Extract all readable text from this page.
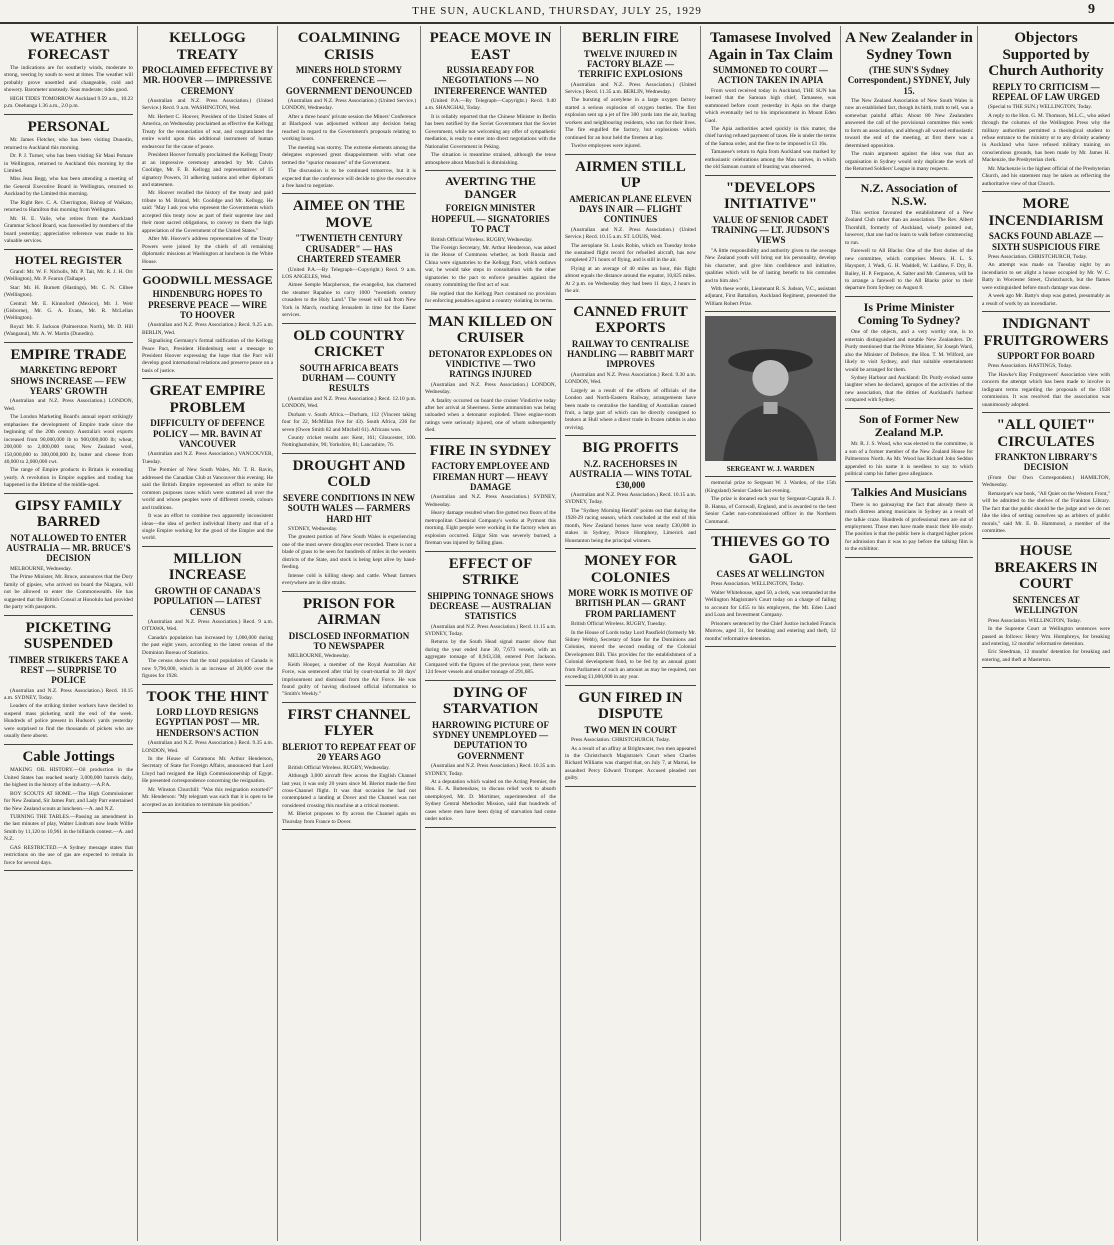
THE SUN, AUCKLAND, THURSDAY, JULY 25, 1929	9
WEATHER FORECAST

The indications are for southerly winds, moderate to strong, veering by south to west at times. The weather will probably prove unsettled and changeable, cold and showery. Barometer unsteady. Seas moderate; tides good.

HIGH TIDES TOMORROW Auckland 9.59 a.m., 10.23 p.m. Onehunga 1.36 a.m., 2.0 p.m.

PERSONAL

Mr. James Fletcher, who has been visiting Dunedin, returned to Auckland this morning.

Dr. P. J. Turner, who has been visiting Sir Maui Pomare in Wellington, returned to Auckland this morning by the Limited.

Miss Jean Begg, who has been attending a meeting of the General Executive Board in Wellington, returned to Auckland by the Limited this morning.

The Right Rev. C. A. Cherrington, Bishop of Waikato, returned to Hamilton this morning from Wellington.

Mr. H. E. Vaile, who retires from the Auckland Grammar School Board, was farewelled by members of the board yesterday; appreciative reference was made to his valuable services.

HOTEL REGISTER

Grand: Mr. W. F. Nicholls, Mr. P. Tait, Mr. R. J. H. Orr (Wellington), Mr. P. Fearon (Taihape).

Star: Mr. H. Burnett (Hastings), Mr. C. N. Clibee (Wellington).

Central: Mr. E. Kinnoford (Mexico), Mr. J. Weir (Gisborne), Mr. G. A. Evans, Mr. R. McLellan (Wellington).

Royal: Mr. F. Jackson (Palmerston North), Mr. D. Hill (Wanganui), Mr. A. W. Martin (Dunedin).

EMPIRE TRADE
MARKETING REPORT SHOWS INCREASE — FEW YEARS' GROWTH

(Australian and N.Z. Press Association.) LONDON, Wed.

The London Marketing Board's annual report strikingly emphasises the development of Empire trade since the beginning of the 20th century. Australia's wool exports increased from 90,000,000 lb to 900,000,000 lb; wheat, 200,000 to 2,000,000 tons; New Zealand wool, 150,000,000 to 300,000,000 lb; butter and cheese from 40,000 to 2,000,000 cwt.

The range of Empire products in Britain is extending yearly. A revolution in Empire supplies and trading has happened in the lifetime of the middle-aged.

GIPSY FAMILY BARRED
NOT ALLOWED TO ENTER AUSTRALIA — MR. BRUCE'S DECISION

MELBOURNE, Wednesday.

The Prime Minister, Mr. Bruce, announces that the Dory family of gipsies, who arrived on board the Niagara, will not be allowed to enter the Commonwealth. He has suggested that the British Consul at Honolulu had provided the party with passports.

PICKETING SUSPENDED
TIMBER STRIKERS TAKE A REST — SURPRISE TO POLICE

(Australian and N.Z. Press Association.) Recd. 10.15 a.m. SYDNEY, Today.

Leaders of the striking timber workers have decided to suspend mass picketing until the end of the week. Hundreds of police present in Hudson's yards yesterday were surprised to find the thousands of pickets who are usually there absent.

Cable Jottings

MAKING OIL HISTORY.—Oil production in the United States has reached nearly 3,000,000 barrels daily, the highest in the history of the industry.—A.P.A.

BOY SCOUTS AT HOME.—The High Commissioner for New Zealand, Sir James Parr, and Lady Parr entertained the New Zealand scouts at luncheon.—A. and N.Z.

TURNING THE TABLES.—Passing an amendment in the last minutes of play, Walter Lindrum now leads Willie Smith by 11,120 to 10,961 in the billiards contest.—A. and N.Z.

GAS RESTRICTED.—A Sydney message states that restrictions on the use of gas are expected to remain in force for several days.

KELLOGG TREATY
PROCLAIMED EFFECTIVE BY MR. HOOVER — IMPRESSIVE CEREMONY

(Australian and N.Z. Press Association.) (United Service.) Recd. 9 a.m. WASHINGTON, Wed.

Mr. Herbert C. Hoover, President of the United States of America, on Wednesday proclaimed as effective the Kellogg Treaty for the renunciation of war, and congratulated the entire world upon this additional instrument of human endeavour for the cause of peace.

President Hoover formally proclaimed the Kellogg Treaty at an impressive ceremony attended by Mr. Calvin Coolidge, Mr. F. B. Kellogg and representatives of 15 signatory Powers, 31 adhering nations and other diplomats and statesmen.

Mr. Hoover recalled the history of the treaty and paid tribute to M. Briand, Mr. Coolidge and Mr. Kellogg. He said: "May I ask you who represent the Governments which accepted this treaty now as part of their supreme law and their most sacred obligations, to convey to them the high appreciation of the Government of the United States."

After Mr. Hoover's address representatives of the Treaty Powers were joined by the chiefs of all remaining diplomatic missions at Washington at luncheon in the White House.

GOODWILL MESSAGE
HINDENBURG HOPES TO PRESERVE PEACE — WIRE TO HOOVER

(Australian and N.Z. Press Association.) Recd. 9.25 a.m. BERLIN, Wed.

Signalising Germany's formal ratification of the Kellogg Peace Pact, President Hindenburg sent a message to President Hoover expressing the hope that the Pact will develop good international relations and preserve peace on a basis of justice.

GREAT EMPIRE PROBLEM
DIFFICULTY OF DEFENCE POLICY — MR. BAVIN AT VANCOUVER

(Australian and N.Z. Press Association.) VANCOUVER, Tuesday.

The Premier of New South Wales, Mr. T. R. Bavin, addressed the Canadian Club at Vancouver this evening. He said the British Empire represented an effort to unite for common purposes races which were scattered all over the world and whose peoples were of different creeds, colours and traditions.

It was an effort to combine two apparently inconsistent ideas—the idea of perfect individual liberty and that of a single Empire working for the good of the Empire and the world.

MILLION INCREASE
GROWTH OF CANADA'S POPULATION — LATEST CENSUS

(Australian and N.Z. Press Association.) Recd. 9 a.m. OTTAWA, Wed.

Canada's population has increased by 1,000,000 during the past eight years, according to the latest census of the Dominion Bureau of Statistics.

The census shows that the total population of Canada is now 9,796,000, which is an increase of 28,000 over the figures for 1928.

TOOK THE HINT
LORD LLOYD RESIGNS EGYPTIAN POST — MR. HENDERSON'S ACTION

(Australian and N.Z. Press Association.) Recd. 9.35 a.m. LONDON, Wed.

In the House of Commons Mr. Arthur Henderson, Secretary of State for Foreign Affairs, announced that Lord Lloyd had resigned the High Commissionership of Egypt. He presented correspondence concerning the resignation.

Mr. Winston Churchill: "Was this resignation extorted?" Mr. Henderson: "My telegram was such that it is open to be accepted as an invitation to terminate his position."

COALMINING CRISIS
MINERS HOLD STORMY CONFERENCE — GOVERNMENT DENOUNCED

(Australian and N.Z. Press Association.) (United Service.) LONDON, Wednesday.

After a three hours' private session the Miners' Conference at Blackpool was adjourned without any decision being reached in regard to the Government's proposals relating to working hours.

The meeting was stormy. The extreme elements among the delegates expressed great disappointment with what one termed the "spurior measures" of the Government.

The discussion is to be continued tomorrow, but it is expected that the conference will decide to give the executive a free hand to negotiate.

AIMEE ON THE MOVE
"TWENTIETH CENTURY CRUSADER" — HAS CHARTERED STEAMER

(United P.A.—By Telegraph—Copyright.) Recd. 9 a.m. LOS ANGELES, Wed.

Aimee Semple Macpherson, the evangelist, has chartered the steamer Rapahoe to carry 1000 "twentieth century crusaders to the Holy Land." The vessel will sail from New York in March, reaching Jerusalem in time for the Easter services.

OLD COUNTRY CRICKET
SOUTH AFRICA BEATS DURHAM — COUNTY RESULTS

(Australian and N.Z. Press Association.) Recd. 12.10 p.m. LONDON, Wed.

Durham v. South Africa.—Durham, 112 (Vincent taking four for 22, McMillan five for 43). South Africa, 236 for seven (Owen Smith 82 and Mitchell 61). Africans won.

County cricket results are: Kent, 161; Gloucester, 100. Nottinghamshire, 90; Yorkshire, 81; Lancashire, 76.

DROUGHT AND COLD
SEVERE CONDITIONS IN NEW SOUTH WALES — FARMERS HARD HIT

SYDNEY, Wednesday.

The greatest portion of New South Wales is experiencing one of the most severe droughts ever recorded. There is not a blade of grass to be seen for hundreds of miles in the western districts of the State, and stock is being kept alive by hand-feeding.

Intense cold is killing sheep and cattle. Wheat farmers everywhere are in dire straits.

PRISON FOR AIRMAN
DISCLOSED INFORMATION TO NEWSPAPER

MELBOURNE, Wednesday.

Keith Hooper, a member of the Royal Australian Air Force, was sentenced after trial by court-martial to 28 days' imprisonment and dismissal from the Air Force. He was found guilty of having disclosed official information to "Smith's Weekly."

FIRST CHANNEL FLYER
BLERIOT TO REPEAT FEAT OF 20 YEARS AGO

British Official Wireless. RUGBY, Wednesday.

Although 3,000 aircraft flew across the English Channel last year, it was only 20 years since M. Bleriot made the first cross-Channel flight. It was that occasion he had not contemplated a landing at Dover and the Channel was not considered crossing this machine at a critical moment.

M. Bleriot proposes to fly across the Channel again on Thursday from France to Dover.

PEACE MOVE IN EAST
RUSSIA READY FOR NEGOTIATIONS — NO INTERFERENCE WANTED

(United P.A.—By Telegraph—Copyright.) Recd. 9.40 a.m. SHANGHAI, Today.

It is reliably reported that the Chinese Minister in Berlin has been notified by the Soviet Government that the Soviet Government, while not welcoming any offer of sympathetic mediation, is ready to enter into direct negotiations with the Nationalist Government in Peking.

The situation is meantime strained, although the tense atmosphere about Manchuli is diminishing.

AVERTING THE DANGER
FOREIGN MINISTER HOPEFUL — SIGNATORIES TO PACT

British Official Wireless. RUGBY, Wednesday.

The Foreign Secretary, Mr. Arthur Henderson, was asked in the House of Commons whether, as both Russia and China were signatories to the Kellogg Pact, which outlaws war, he would take steps in consultation with the other signatories to the pact to enforce penalties against the country committing the first act of war.

He replied that the Kellogg Pact contained no provision for enforcing penalties against a country violating its terms.

MAN KILLED ON CRUISER
DETONATOR EXPLODES ON VINDICTIVE — TWO RATINGS INJURED

(Australian and N.Z. Press Association.) LONDON, Wednesday.

A fatality occurred on board the cruiser Vindictive today after her arrival at Sheerness. Some ammunition was being unloaded when a detonator exploded. Three engine-room ratings were seriously injured, one of whom subsequently died.

FIRE IN SYDNEY
FACTORY EMPLOYEE AND FIREMAN HURT — HEAVY DAMAGE

(Australian and N.Z. Press Association.) SYDNEY, Wednesday.

Heavy damage resulted when fire gutted two floors of the metropolitan Chemical Company's works at Pyrmont this morning. Eight people were working in the factory when an explosion occurred. Edgar Sim was severely burned; a fireman was injured by falling glass.

EFFECT OF STRIKE
SHIPPING TONNAGE SHOWS DECREASE — AUSTRALIAN STATISTICS

(Australian and N.Z. Press Association.) Recd. 11.15 a.m. SYDNEY, Today.

Returns by the South Head signal master show that during the year ended June 30, 7,673 vessels, with an aggregate tonnage of 8,943,338, entered Port Jackson. Compared with the figures of the previous year, there were 124 fewer vessels and smaller tonnage of 291,685.

DYING OF STARVATION
HARROWING PICTURE OF SYDNEY UNEMPLOYED — DEPUTATION TO GOVERNMENT

(Australian and N.Z. Press Association.) Recd. 10.35 a.m. SYDNEY, Today.

At a deputation which waited on the Acting Premier, the Hon. E. A. Buttenshaw, to discuss relief work to absorb unemployed, Mr. D. Mortimer, superintendent of the Sydney Central Methodist Mission, said that hundreds of cases where men have been dying of starvation had come under notice.

BERLIN FIRE
TWELVE INJURED IN FACTORY BLAZE — TERRIFIC EXPLOSIONS

(Australian and N.Z. Press Association.) (United Service.) Recd. 11.35 a.m. BERLIN, Wednesday.

The bursting of acetylene in a large oxygen factory started a serious explosion of oxygen bottles. The first explosion sent up a jet of fire 300 yards into the air, hurling workers and neighbouring residents, who ran for their lives. The fire engulfed the factory, but explosions which continued for an hour held the firemen at bay.

Twelve employees were injured.

AIRMEN STILL UP
AMERICAN PLANE ELEVEN DAYS IN AIR — FLIGHT CONTINUES

(Australian and N.Z. Press Association.) (United Service.) Recd. 10.15 a.m. ST. LOUIS, Wed.

The aeroplane St. Louis Robin, which on Tuesday broke the sustained flight record for refuelled aircraft, has now completed 271 hours of flying, and is still in the air.

Flying at an average of 40 miles an hour, this flight almost equals the distance around the equator, 10,825 miles. At 2 p.m. on Wednesday they had been 11 days, 2 hours in the air.

CANNED FRUIT EXPORTS
RAILWAY TO CENTRALISE HANDLING — RABBIT MART IMPROVES

(Australian and N.Z. Press Association.) Recd. 9.30 a.m. LONDON, Wed.

Largely as a result of the efforts of officials of the London and North-Eastern Railway, arrangements have been made to centralise the handling of Australian canned fruit, a large part of which can be directly consigned to brokers at Hull where a direct trade in frozen rabbits is also reviving.

BIG PROFITS
N.Z. RACEHORSES IN AUSTRALIA — WINS TOTAL £30,000

(Australian and N.Z. Press Association.) Recd. 10.15 a.m. SYDNEY, Today.

The "Sydney Morning Herald" points out that during the 1928-29 racing season, which concluded at the end of this month, New Zealand horses have won nearly £30,000 in stakes in Sydney, Prince Humphrey, Limerick and Hunstanton being the principal winners.

MONEY FOR COLONIES
MORE WORK IS MOTIVE OF BRITISH PLAN — GRANT FROM PARLIAMENT

British Official Wireless. RUGBY, Tuesday.

In the House of Lords today Lord Passfield (formerly Mr. Sidney Webb), Secretary of State for the Dominions and Colonies, moved the second reading of the Colonial Development Bill. This provides for the establishment of a Colonial development fund, to be fed by an annual grant from Parliament of such an amount as may be required, not exceeding £1,000,000 in any year.

GUN FIRED IN DISPUTE
TWO MEN IN COURT

Press Association. CHRISTCHURCH, Today.

As a result of an affray at Brightwater, two men appeared in the Christchurch Magistrate's Court when Charles Richard Williams was charged that, on July 7, at Marrai, he assaulted Percy Edward Trumper. Accused pleaded not guilty.

Tamasese Involved Again in Tax Claim
SUMMONED TO COURT — ACTION TAKEN IN APIA

From word received today in Auckland, THE SUN has learned that the Samoan high chief, Tamasese, was summoned before court yesterday in Apia on the charge which eventually led to his imprisonment in Mount Eden Gaol.

The Apia authorities acted quickly in this matter, the chief having refused payment of taxes. He is under the terms of the Samoa order, and the fine to be imposed is £1 16s.

Tamasese's return to Apia from Auckland was marked by enthusiastic celebrations among the Mau natives, in which the old Samoan custom of feasting was observed.

"DEVELOPS INITIATIVE"
VALUE OF SENIOR CADET TRAINING — LT. JUDSON'S VIEWS

"A little responsibility and authority given to the average New Zealand youth will bring out his personality, develop his character, and give him confidence and initiative, qualities which will be of lasting benefit to his comrades and to him also."

With these words, Lieutenant R. S. Judson, V.C., assistant adjutant, First Battalion, Auckland Regiment, presented the William Robert Prize.

SERGEANT W. J. WARDEN

memorial prize to Sergeant W. J. Warden, of the 15th (Kingsland) Senior Cadets last evening.

The prize is donated each year by Sergeant-Captain R. J. B. Hanna, of Cornwall, England, and is awarded to the best Senior Cadet non-commissioned officer in the Northern Command.

THIEVES GO TO GAOL
CASES AT WELLINGTON

Press Association. WELLINGTON, Today.

Walter Whitehouse, aged 50, a clerk, was remanded at the Wellington Magistrate's Court today on a charge of failing to account for £455 to his employers, the Mt. Eden Land and Loan and Investment Company.

Prisoners sentenced by the Chief Justice included Francis Morrow, aged 31, for breaking and entering and theft, 12 months' reformative detention.

A New Zealander in Sydney Town
(THE SUN'S Sydney Correspondent.) SYDNEY, July 15.

The New Zealand Association of New South Wales is now an established fact, though its birth, truth to tell, was a somewhat painful affair. About 80 New Zealanders answered the call of the provisional committee this week to form an association, and although all waxed enthusiastic toward the end of the meeting, at first there was a determined opposition.

The main argument against the idea was that an organisation in Sydney would only duplicate the work of the Returned Soldiers' League in many respects.

N.Z. Association of N.S.W.

This section favoured the establishment of a New Zealand Club rather than an association. The Rev. Albert Thornhill, formerly of Auckland, wisely pointed out, however, that one had to learn to walk before commencing to run.

Farewell to All Blacks: One of the first duties of the new committee, which comprises Messrs. H. L. S. Haysport, J. Wadi, G. H. Waddell, W. Laidlaw, F. Dry, R. Bailey, H. P. Ferguson, A. Salter and Mr. Cameron, will be to arrange a farewell to the All Blacks prior to their departure from Sydney on August 8.

Is Prime Minister Coming To Sydney?

One of the objects, and a very worthy one, is to entertain distinguished and notable New Zealanders. Dr. Purdy mentioned that the Prime Minister, Sir Joseph Ward, also the Minister of Defence, the Hon. T. M. Wilford, are likely to visit Sydney, and that suitable entertainment would be arranged for them.

Sydney Harbour and Auckland: Dr. Purdy evoked some laughter when he declared, apropos of the activities of the new association, that the ditties of Auckland's harbour compared with Sydney.

Son of Former New Zealand M.P.

Mr. R. J. S. Wood, who was elected to the committee, is a son of a former member of the New Zealand House for Palmerston North. As Mr. Wood has Richard John Seddon appended to his name it is needless to say to which political camp his father gave allegiance.

Talkies And Musicians

There is no gainsaying the fact that already there is much distress among musicians in Sydney as a result of the talkie craze. Hundreds of professional men are out of employment. Those men have made music their life study. The position is that the public here is charged higher prices for admission than it was to pay before the talking film is to the exhibitor.

Objectors Supported by Church Authority
REPLY TO CRITICISM — REPEAL OF LAW URGED

(Special to THE SUN.) WELLINGTON, Today.

A reply to the Hon. G. M. Thomson, M.L.C., who asked through the columns of the Wellington Press why the military authorities permitted a theological student to refuse entrance to the ministry or to any divinity academy in Auckland who have refused military training on conscientious grounds, has been made by Mr. James H. Mackenzie, the Presbyterian clerk.

Mr. Mackenzie is the highest official of the Presbyterian Church, and his statement may be taken as reflecting the authoritative view of that Church.

MORE INCENDIARISM
SACKS FOUND ABLAZE — SIXTH SUSPICIOUS FIRE

Press Association. CHRISTCHURCH, Today.

An attempt was made on Tuesday night by an incendiarist to set alight a house occupied by Mr. W. C. Batty in Worcester Street, Christchurch, but the flames were extinguished before much damage was done.

A week ago Mr. Batty's shop was gutted, presumably as a result of work by an incendiarist.

INDIGNANT FRUITGROWERS
SUPPORT FOR BOARD

Press Association. HASTINGS, Today.

The Hawke's Bay Fruitgrowers' Association view with concern the attempt which has been made to involve in indignant terms regarding the proposals of the 1928 commission. It was resolved that the association was unanimously adopted.

"ALL QUIET" CIRCULATES
FRANKTON LIBRARY'S DECISION

(From Our Own Correspondent.) HAMILTON, Wednesday.

Remarque's war book, "All Quiet on the Western Front," will be admitted to the shelves of the Frankton Library. The fact that the public should be the judge and we do not like the idea of setting ourselves up as arbiters of public morals," said Mr. E. B. Hammond, a member of the committee.

HOUSE BREAKERS IN COURT
SENTENCES AT WELLINGTON

Press Association. WELLINGTON, Today.

In the Supreme Court at Wellington sentences were passed as follows: Henry Wm. Humphreys, for breaking and entering, 12 months' reformative detention.

Eric Steedman, 12 months' detention for breaking and entering, and theft at Masterton.
